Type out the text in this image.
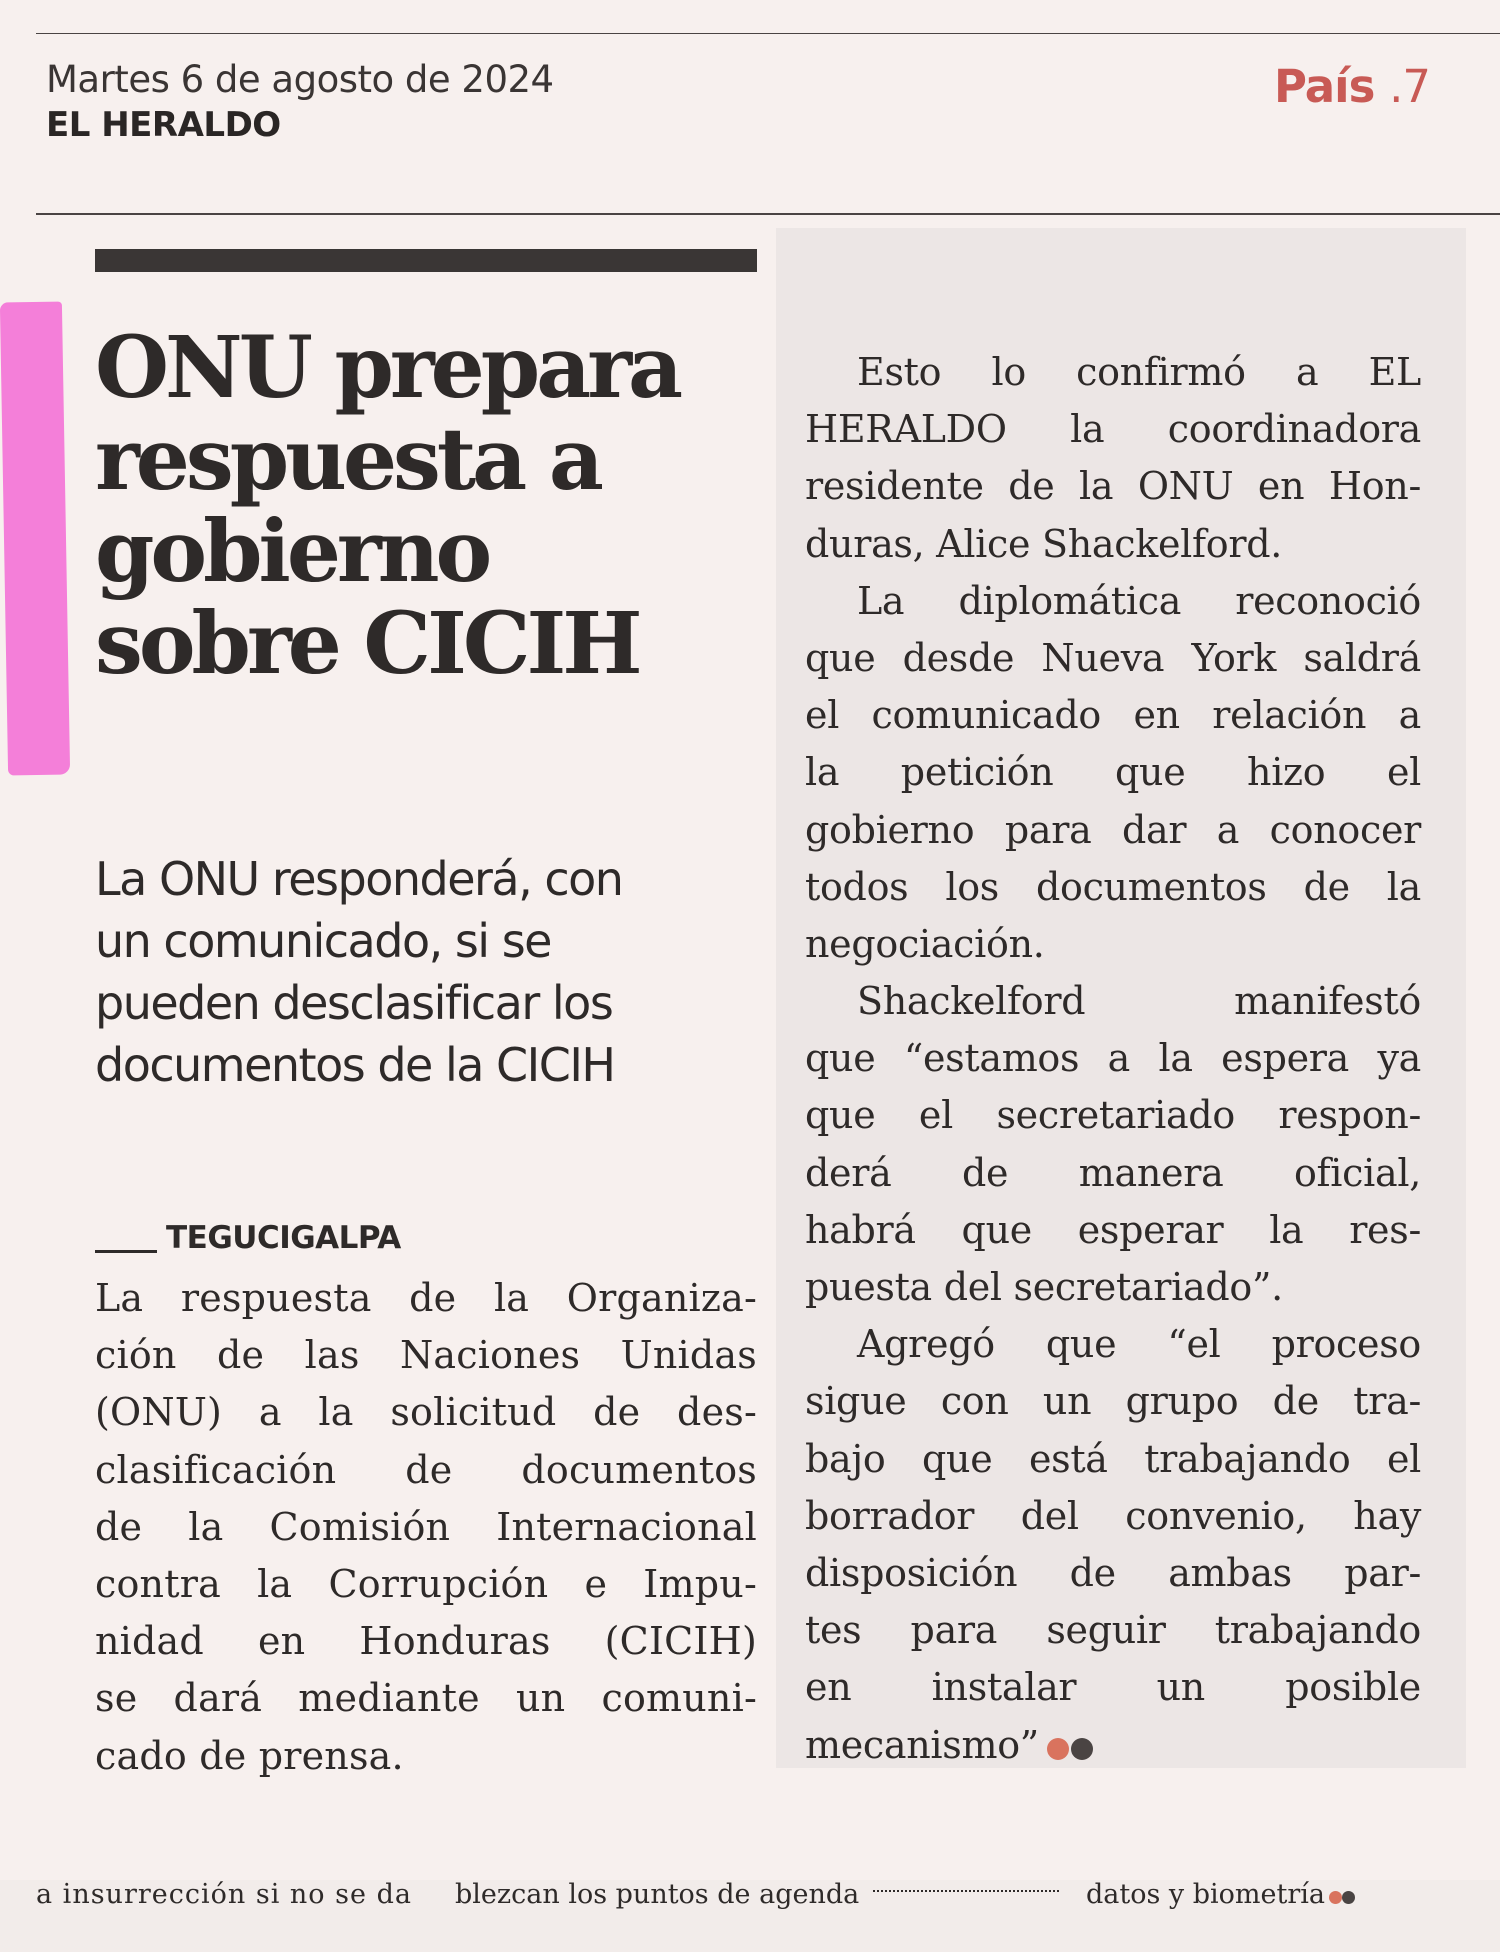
Martes 6 de agosto de 2024
EL HERALDO
País .7
ONU prepara
respuesta a
gobierno
sobre CICIH

La ONU responderá, con
un comunicado, si se
pueden desclasificar los
documentos de la CICIH

TEGUCIGALPA
La respuesta de la Organiza-
ción de las Naciones Unidas
(ONU) a la solicitud de des-
clasificación de documentos
de la Comisión Internacional
contra la Corrupción e Impu-
nidad en Honduras (CICIH)
se dará mediante un comuni-
cado de prensa.
Esto lo confirmó a EL
HERALDO la coordinadora
residente de la ONU en Hon-
duras, Alice Shackelford.
La diplomática reconoció
que desde Nueva York saldrá
el comunicado en relación a
la petición que hizo el
gobierno para dar a conocer
todos los documentos de la
negociación.
Shackelford manifestó
que “estamos a la espera ya
que el secretariado respon-
derá de manera oficial,
habrá que esperar la res-
puesta del secretariado”.
Agregó que “el proceso
sigue con un grupo de tra-
bajo que está trabajando el
borrador del convenio, hay
disposición de ambas par-
tes para seguir trabajando
en instalar un posible
mecanismo”
a insurrección si no se da blezcan los puntos de agenda	datos y biometría
